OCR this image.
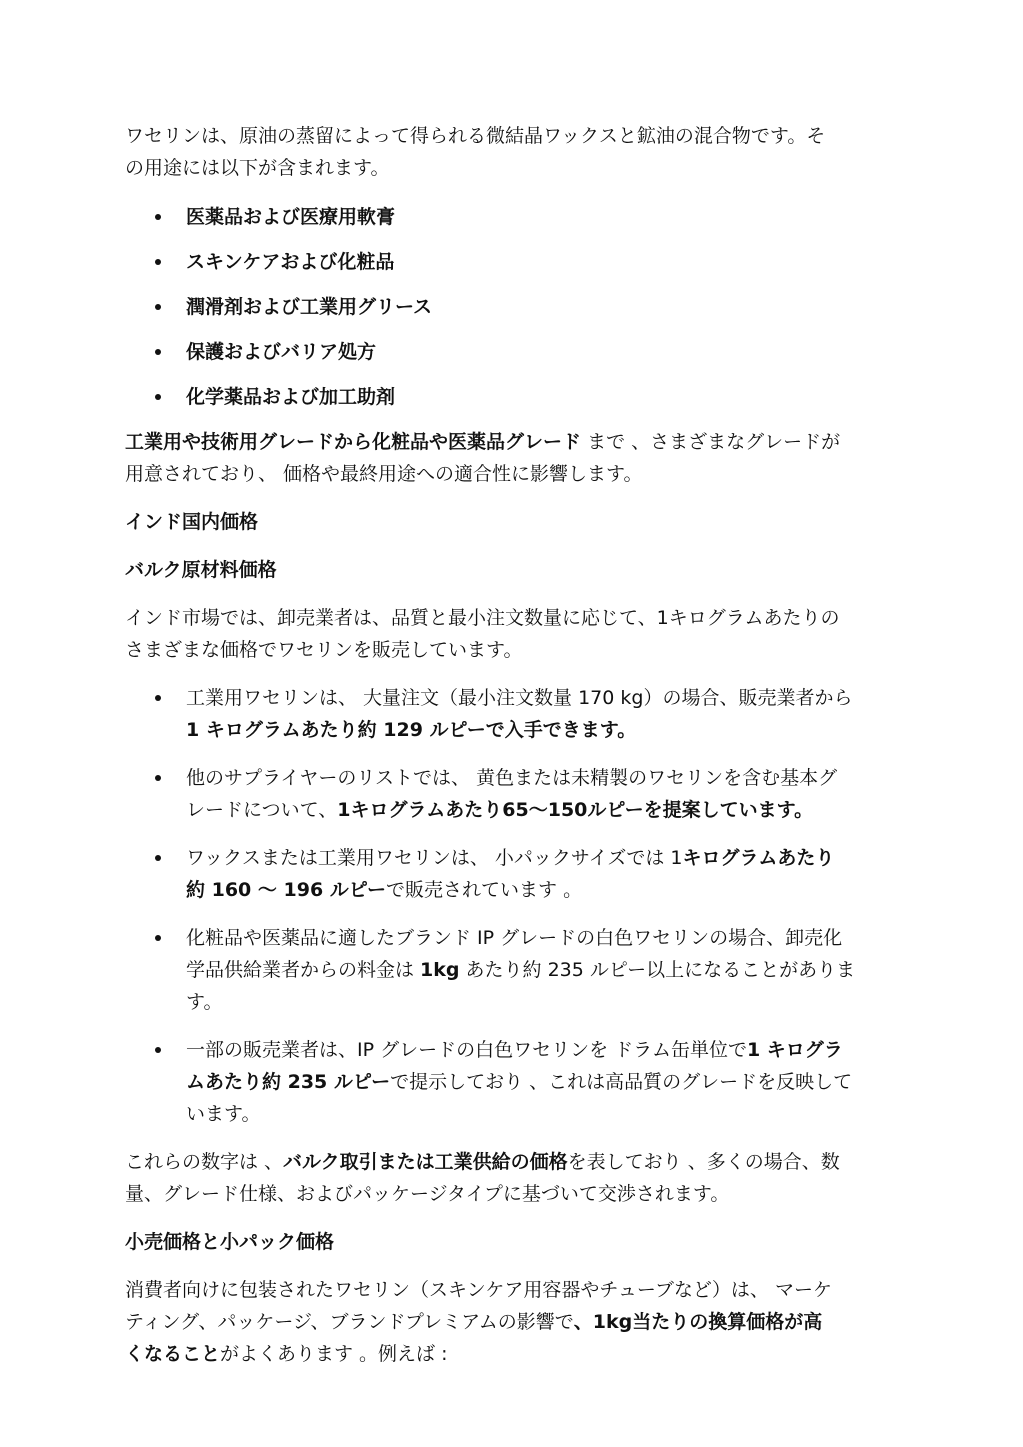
ワセリンは、原油の蒸留によって得られる微結晶ワックスと鉱油の混合物です。そ
の用途には以下が含まれます。

医薬品および医療用軟膏
スキンケアおよび化粧品
潤滑剤および工業用グリース
保護およびバリア処方
化学薬品および加工助剤

工業用や技術用グレードから化粧品や医薬品グレード まで 、さまざまなグレードが
用意されており、 価格や最終用途への適合性に影響します。

インド国内価格

バルク原材料価格

インド市場では、卸売業者は、品質と最小注文数量に応じて、1キログラムあたりの
さまざまな価格でワセリンを販売しています。

工業用ワセリンは、 大量注文（最小注文数量 170 kg）の場合、販売業者から
1 キログラムあたり約 129 ルピーで入手できます。
他のサプライヤーのリストでは、 黄色または未精製のワセリンを含む基本グ
レードについて、1キログラムあたり65〜150ルピーを提案しています。
ワックスまたは工業用ワセリンは、 小パックサイズでは 1キログラムあたり
約 160 〜 196 ルピーで販売されています 。
化粧品や医薬品に適したブランド IP グレードの白色ワセリンの場合、卸売化
学品供給業者からの料金は 1kg あたり約 235 ルピー以上になることがありま
す。
一部の販売業者は、IP グレードの白色ワセリンを ドラム缶単位で1 キログラ
ムあたり約 235 ルピーで提示しており 、これは高品質のグレードを反映して
います。

これらの数字は 、バルク取引または工業供給の価格を表しており 、多くの場合、数
量、グレード仕様、およびパッケージタイプに基づいて交渉されます。

小売価格と小パック価格

消費者向けに包装されたワセリン（スキンケア用容器やチューブなど）は、 マーケ
ティング、パッケージ、ブランドプレミアムの影響で、1kg当たりの換算価格が高
くなることがよくあります 。例えば :
